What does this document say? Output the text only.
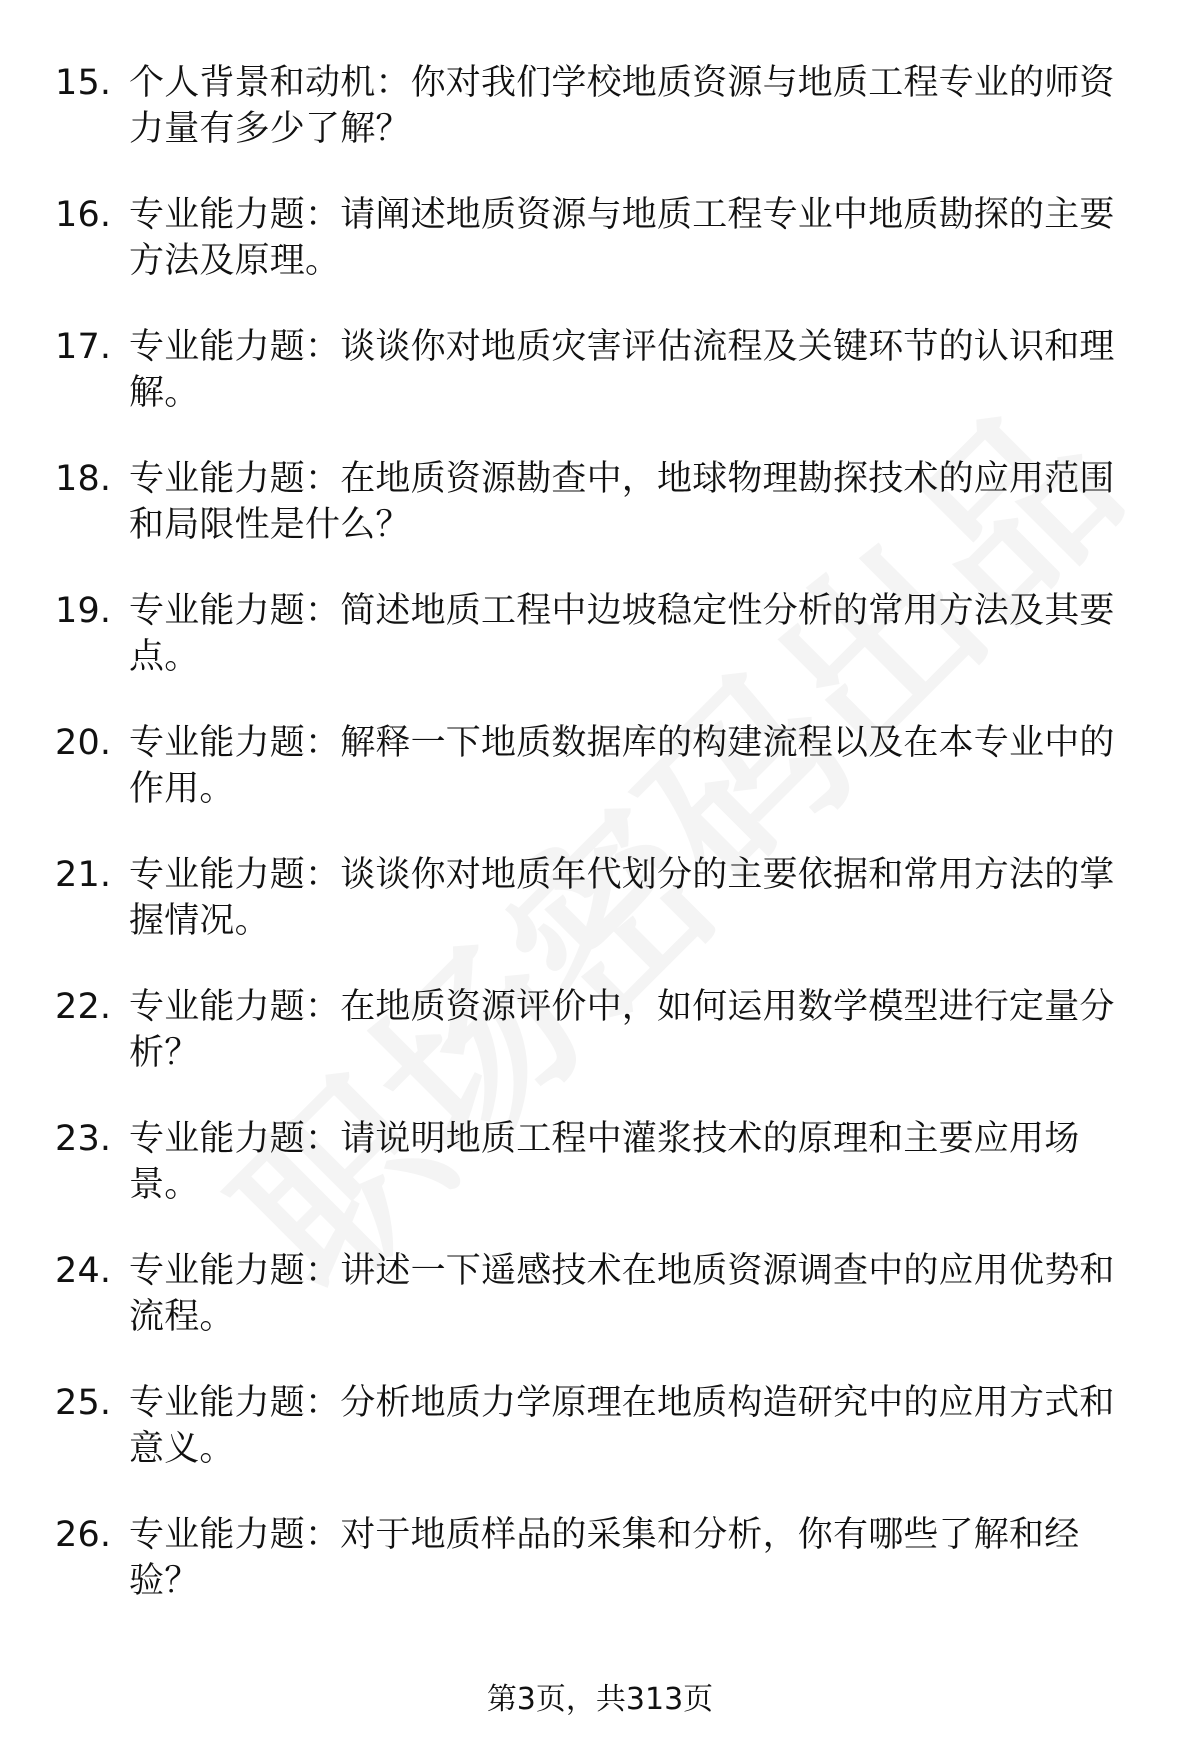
15. 个人背景和动机：你对我们学校地质资源与地质工程专业的师资力量有多少了解？
16. 专业能力题：请阐述地质资源与地质工程专业中地质勘探的主要方法及原理。
17. 专业能力题：谈谈你对地质灾害评估流程及关键环节的认识和理解。
18. 专业能力题：在地质资源勘查中，地球物理勘探技术的应用范围和局限性是什么？
19. 专业能力题：简述地质工程中边坡稳定性分析的常用方法及其要点。
20. 专业能力题：解释一下地质数据库的构建流程以及在本专业中的作用。
21. 专业能力题：谈谈你对地质年代划分的主要依据和常用方法的掌握情况。
22. 专业能力题：在地质资源评价中，如何运用数学模型进行定量分析？
23. 专业能力题：请说明地质工程中灌浆技术的原理和主要应用场景。
24. 专业能力题：讲述一下遥感技术在地质资源调查中的应用优势和流程。
25. 专业能力题：分析地质力学原理在地质构造研究中的应用方式和意义。
26. 专业能力题：对于地质样品的采集和分析，你有哪些了解和经验？
第3页，共313页
